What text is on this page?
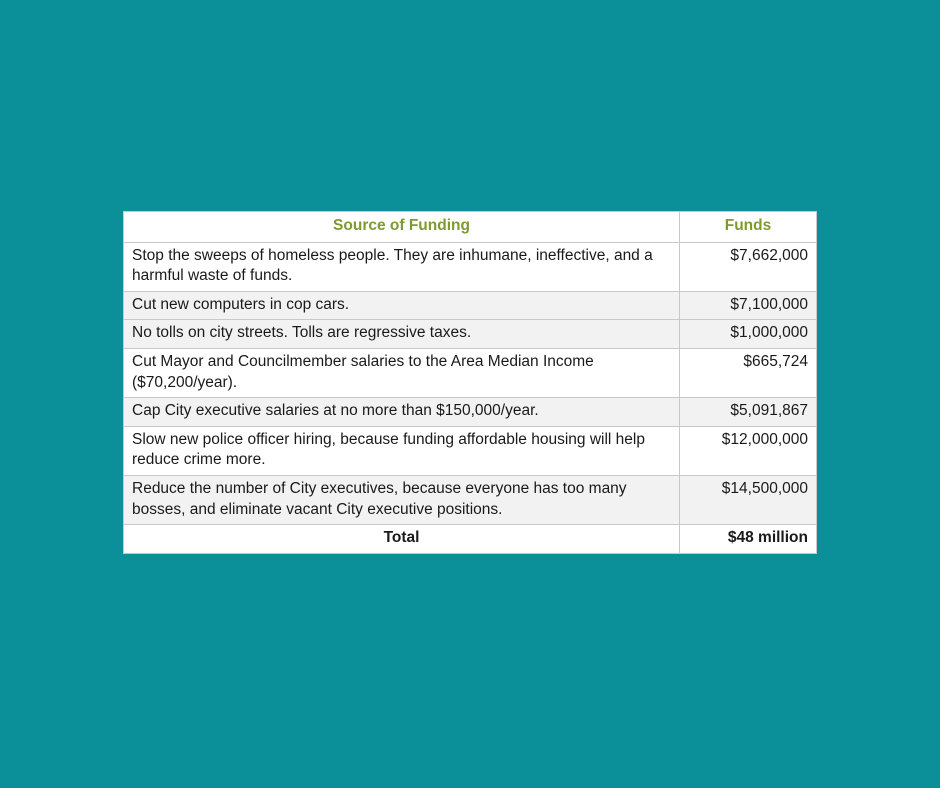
Source of Funding	Funds
Stop the sweeps of homeless people. They are inhumane, ineffective, and a harmful waste of funds.	$7,662,000
Cut new computers in cop cars.	$7,100,000
No tolls on city streets. Tolls are regressive taxes.	$1,000,000
Cut Mayor and Councilmember salaries to the Area Median Income ($70,200/year).	$665,724
Cap City executive salaries at no more than $150,000/year.	$5,091,867
Slow new police officer hiring, because funding affordable housing will help reduce crime more.	$12,000,000
Reduce the number of City executives, because everyone has too many bosses, and eliminate vacant City executive positions.	$14,500,000
Total	$48 million
